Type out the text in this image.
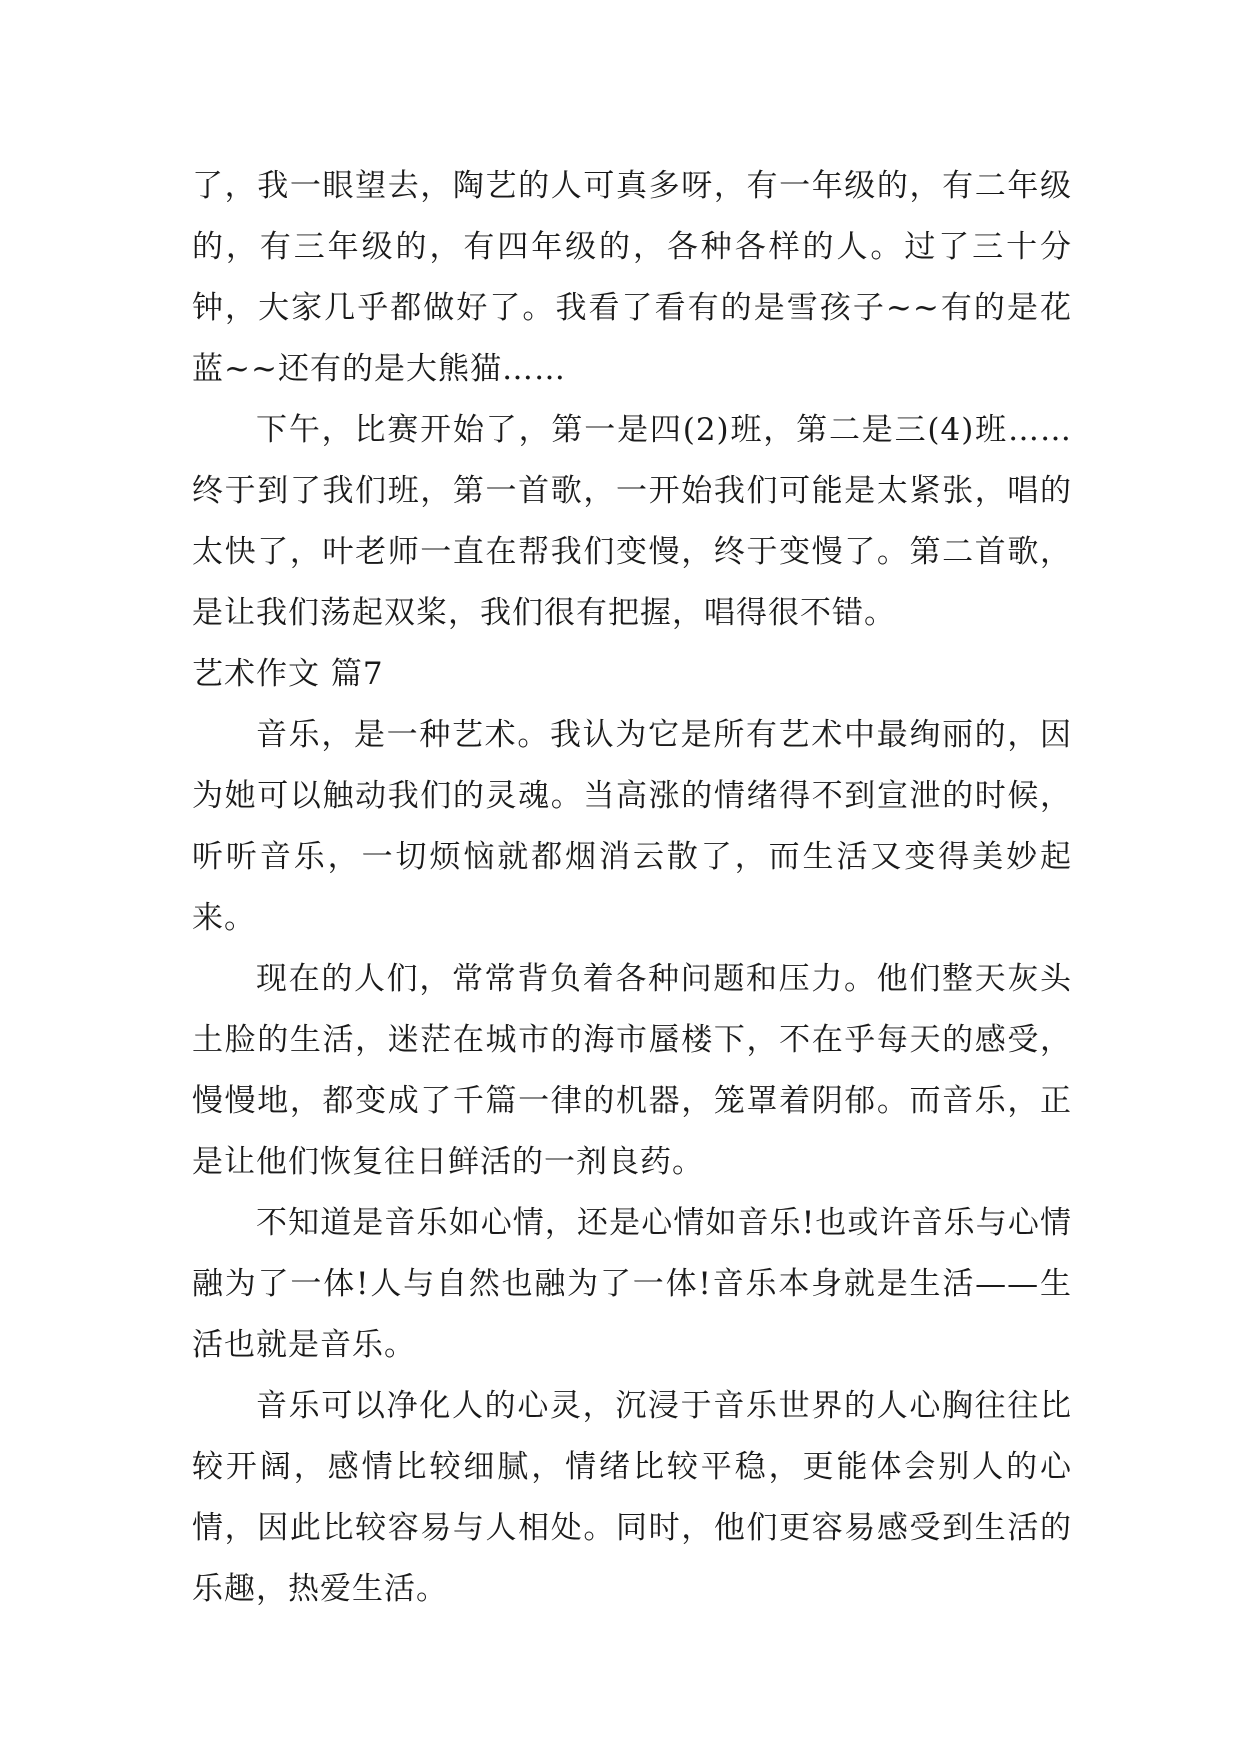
了，我一眼望去，陶艺的人可真多呀，有一年级的，有二年级的，有三年级的，有四年级的，各种各样的人。过了三十分钟，大家几乎都做好了。我看了看有的是雪孩子~~有的是花蓝~~还有的是大熊猫……

下午，比赛开始了，第一是四(2)班，第二是三(4)班……终于到了我们班，第一首歌，一开始我们可能是太紧张，唱的太快了，叶老师一直在帮我们变慢，终于变慢了。第二首歌，是让我们荡起双桨，我们很有把握，唱得很不错。

艺术作文 篇7

音乐，是一种艺术。我认为它是所有艺术中最绚丽的，因为她可以触动我们的灵魂。当高涨的情绪得不到宣泄的时候，听听音乐，一切烦恼就都烟消云散了，而生活又变得美妙起来。

现在的人们，常常背负着各种问题和压力。他们整天灰头土脸的生活，迷茫在城市的海市蜃楼下，不在乎每天的感受，慢慢地，都变成了千篇一律的机器，笼罩着阴郁。而音乐，正是让他们恢复往日鲜活的一剂良药。

不知道是音乐如心情，还是心情如音乐!也或许音乐与心情融为了一体!人与自然也融为了一体!音乐本身就是生活——生活也就是音乐。

音乐可以净化人的心灵，沉浸于音乐世界的人心胸往往比较开阔，感情比较细腻，情绪比较平稳，更能体会别人的心情，因此比较容易与人相处。同时，他们更容易感受到生活的乐趣，热爱生活。
